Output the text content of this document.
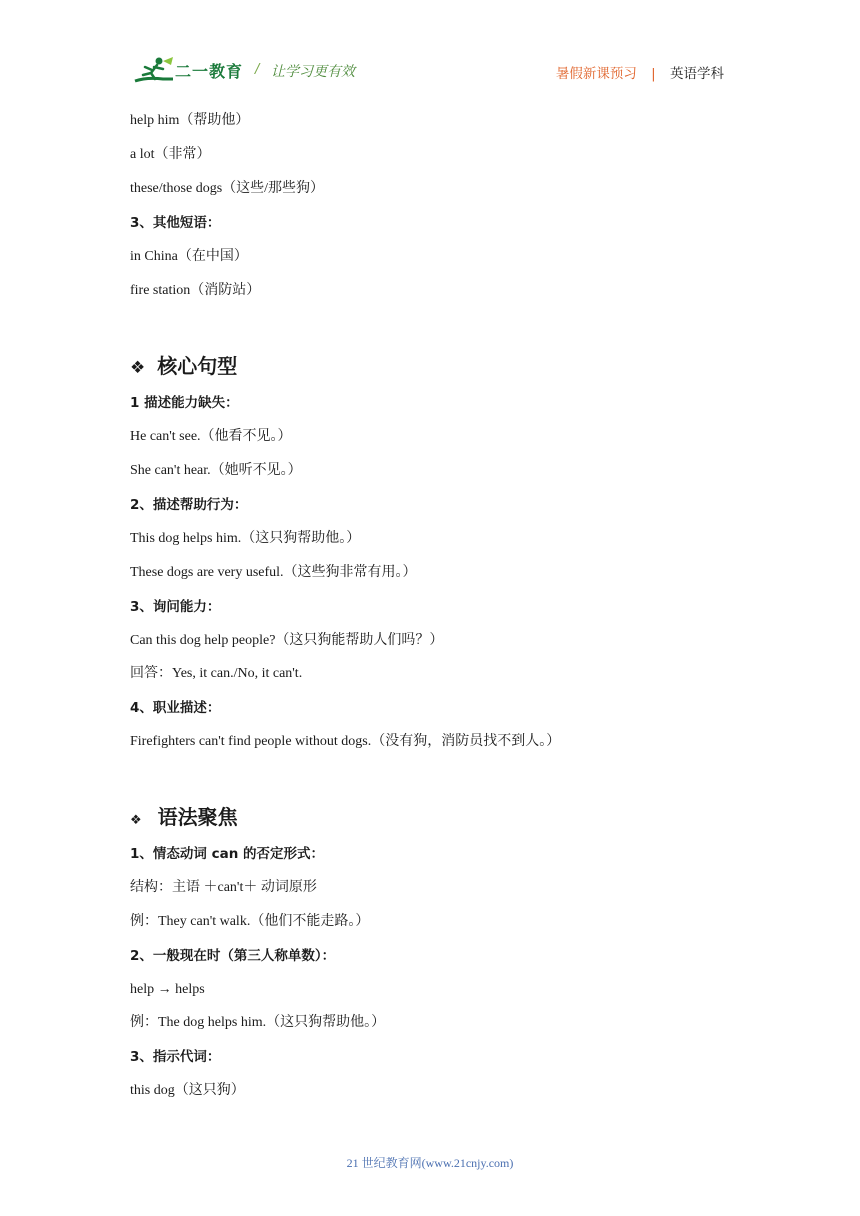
二一教育 / 让学习更有效	暑假新课预习 | 英语学科
help him（帮助他）
a lot（非常）
these/those dogs（这些/那些狗）
3、其他短语：
in China（在中国）
fire station（消防站）
❖ 核心句型
1 描述能力缺失：
He can't see.（他看不见。）
She can't hear.（她听不见。）
2、描述帮助行为：
This dog helps him.（这只狗帮助他。）
These dogs are very useful.（这些狗非常有用。）
3、询问能力：
Can this dog help people?（这只狗能帮助人们吗？）
回答：Yes, it can./No, it can't.
4、职业描述：
Firefighters can't find people without dogs.（没有狗，消防员找不到人。）
❖ 语法聚焦
1、情态动词 can 的否定形式：
结构：主语 ＋can't＋ 动词原形
例：They can't walk.（他们不能走路。）
2、一般现在时（第三人称单数）：
help → helps
例：The dog helps him.（这只狗帮助他。）
3、指示代词：
this dog（这只狗）
21 世纪教育网(www.21cnjy.com)
